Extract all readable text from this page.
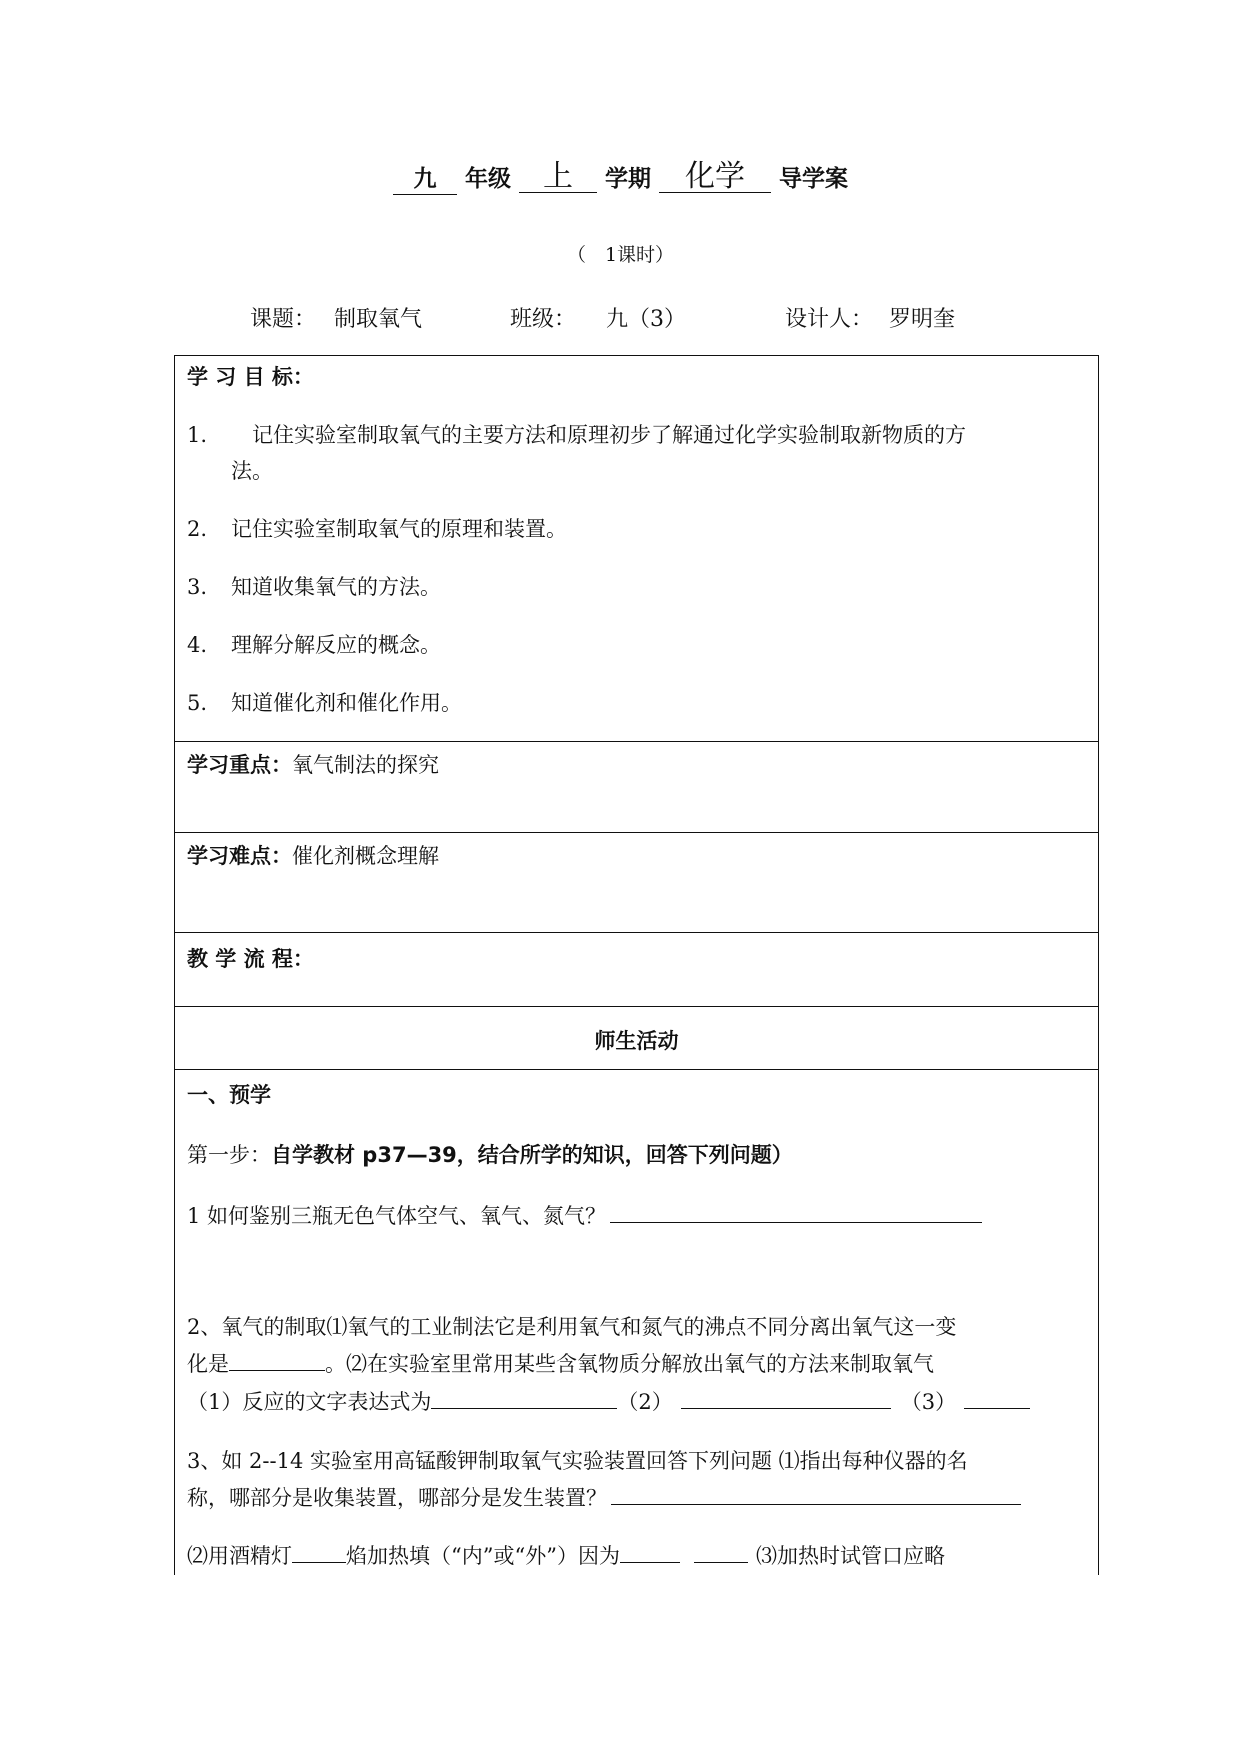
九 年级 上 学期 化学 导学案
（　1课时）
课题： 制取氧气	班级： 九（3）	设计人： 罗明奎
学 习 目 标：
1.　记住实验室制取氧气的主要方法和原理初步了解通过化学实验制取新物质的方
法。
2. 记住实验室制取氧气的原理和装置。
3. 知道收集氧气的方法。
4. 理解分解反应的概念。
5. 知道催化剂和催化作用。
学习重点：氧气制法的探究
学习难点：催化剂概念理解
教 学 流 程：
师生活动
一、预学
第一步：自学教材 p37—39，结合所学的知识，回答下列问题）
1 如何鉴别三瓶无色气体空气、氧气、氮气？
2、氧气的制取⑴氧气的工业制法它是利用氧气和氮气的沸点不同分离出氧气这一变
化是	。⑵在实验室里常用某些含氧物质分解放出氧气的方法来制取氧气
（1）反应的文字表达式为	（2）	（3）
3、如 2--14 实验室用高锰酸钾制取氧气实验装置回答下列问题 ⑴指出每种仪器的名
称，哪部分是收集装置，哪部分是发生装置？
⑵用酒精灯	焰加热填（“内”或“外”）因为	⑶加热时试管口应略
